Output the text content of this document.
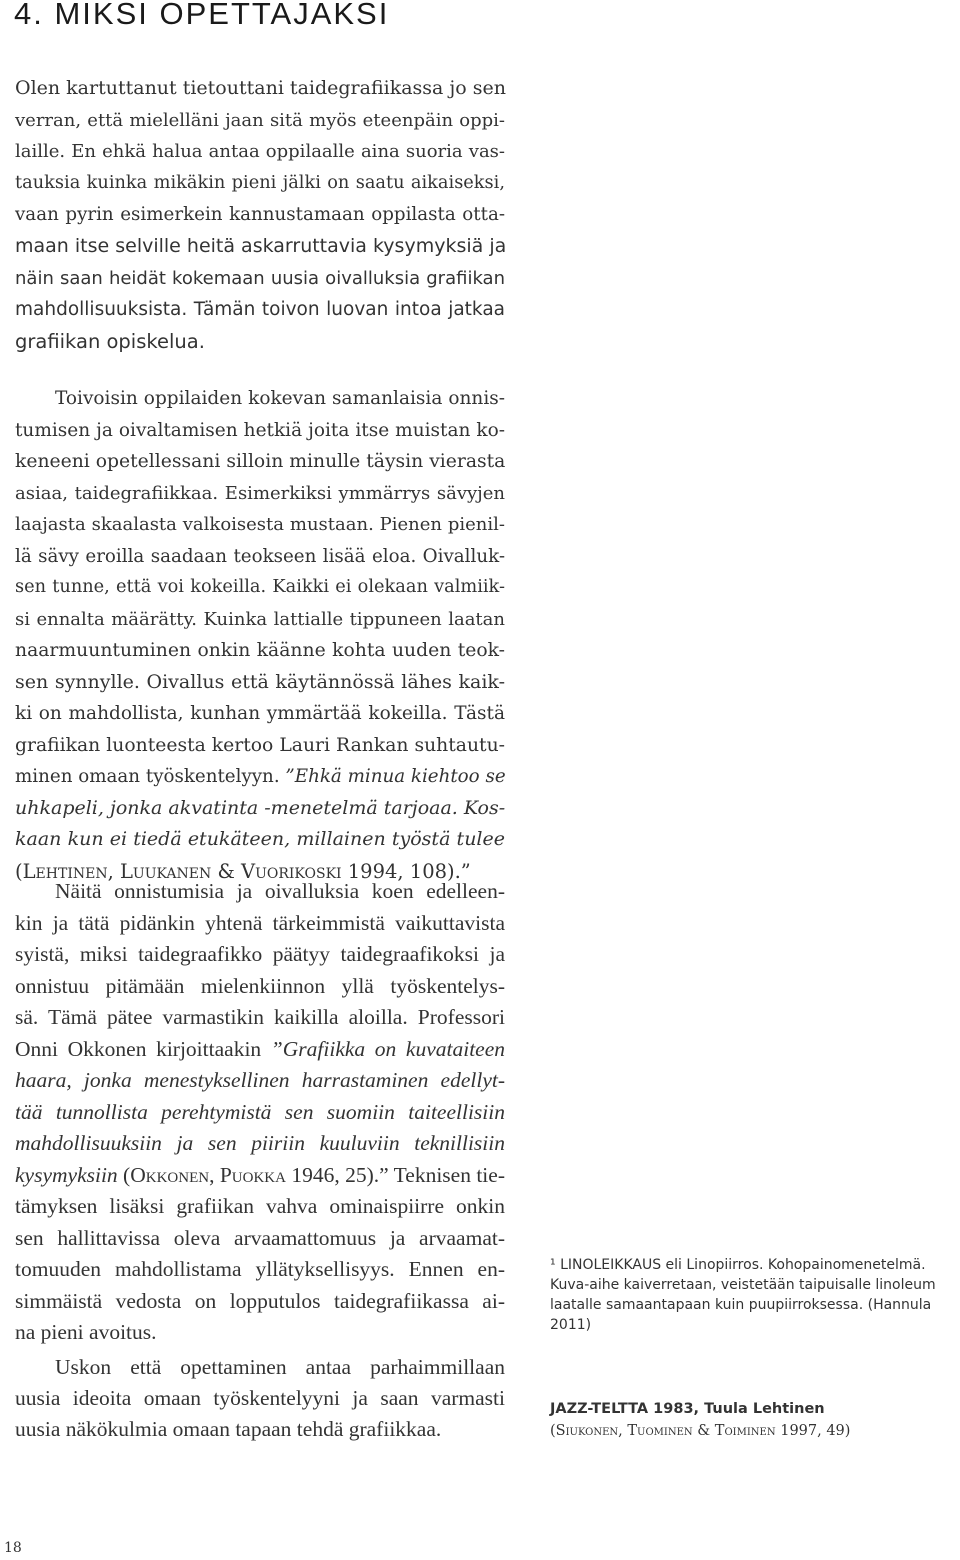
4. MIKSI OPETTAJAKSI
Olen kartuttanut tietouttani taidegrafiikassa jo sen
verran, että mielelläni jaan sitä myös eteenpäin oppi-
laille. En ehkä halua antaa oppilaalle aina suoria vas-
tauksia kuinka mikäkin pieni jälki on saatu aikaiseksi,
vaan pyrin esimerkein kannustamaan oppilasta otta-
maan itse selville heitä askarruttavia kysymyksiä ja
näin saan heidät kokemaan uusia oivalluksia grafiikan
mahdollisuuksista. Tämän toivon luovan intoa jatkaa
grafiikan opiskelua.
Toivoisin oppilaiden kokevan samanlaisia onnis-
tumisen ja oivaltamisen hetkiä joita itse muistan ko-
keneeni opetellessani silloin minulle täysin vierasta
asiaa, taidegrafiikkaa. Esimerkiksi ymmärrys sävyjen
laajasta skaalasta valkoisesta mustaan. Pienen pienil-
lä sävy eroilla saadaan teokseen lisää eloa. Oivalluk-
sen tunne, että voi kokeilla. Kaikki ei olekaan valmiik-
si ennalta määrätty. Kuinka lattialle tippuneen laatan
naarmuuntuminen onkin käänne kohta uuden teok-
sen synnylle. Oivallus että käytännössä lähes kaik-
ki on mahdollista, kunhan ymmärtää kokeilla. Tästä
grafiikan luonteesta kertoo Lauri Rankan suhtautu-
minen omaan työskentelyyn. ”Ehkä minua kiehtoo se
uhkapeli, jonka akvatinta -menetelmä tarjoaa. Kos-
kaan kun ei tiedä etukäteen, millainen työstä tulee
(Lehtinen, Luukanen & Vuorikoski 1994, 108).”
Näitä onnistumisia ja oivalluksia koen edelleen-
kin ja tätä pidänkin yhtenä tärkeimmistä vaikuttavista
syistä, miksi taidegraafikko päätyy taidegraafikoksi ja
onnistuu pitämään mielenkiinnon yllä työskentelys-
sä. Tämä pätee varmastikin kaikilla aloilla. Professori
Onni Okkonen kirjoittaakin ”Grafiikka on kuvataiteen
haara, jonka menestyksellinen harrastaminen edellyt-
tää tunnollista perehtymistä sen suomiin taiteellisiin
mahdollisuuksiin ja sen piiriin kuuluviin teknillisiin
kysymyksiin (Okkonen, Puokka 1946, 25).” Teknisen tie-
tämyksen lisäksi grafiikan vahva ominaispiirre onkin
sen hallittavissa oleva arvaamattomuus ja arvaamat-
tomuuden mahdollistama yllätyksellisyys. Ennen en-
simmäistä vedosta on lopputulos taidegrafiikassa ai-
na pieni avoitus.
Uskon että opettaminen antaa parhaimmillaan
uusia ideoita omaan työskentelyyni ja saan varmasti
uusia näkökulmia omaan tapaan tehdä grafiikkaa.
¹ LINOLEIKKAUS eli Linopiirros. Kohopainomenetelmä.
Kuva-aihe kaiverretaan, veistetään taipuisalle linoleum
laatalle samaantapaan kuin puupiirroksessa. (Hannula
2011)
JAZZ-TELTTA 1983, Tuula Lehtinen
(Siukonen, Tuominen & Toiminen 1997, 49)

18
